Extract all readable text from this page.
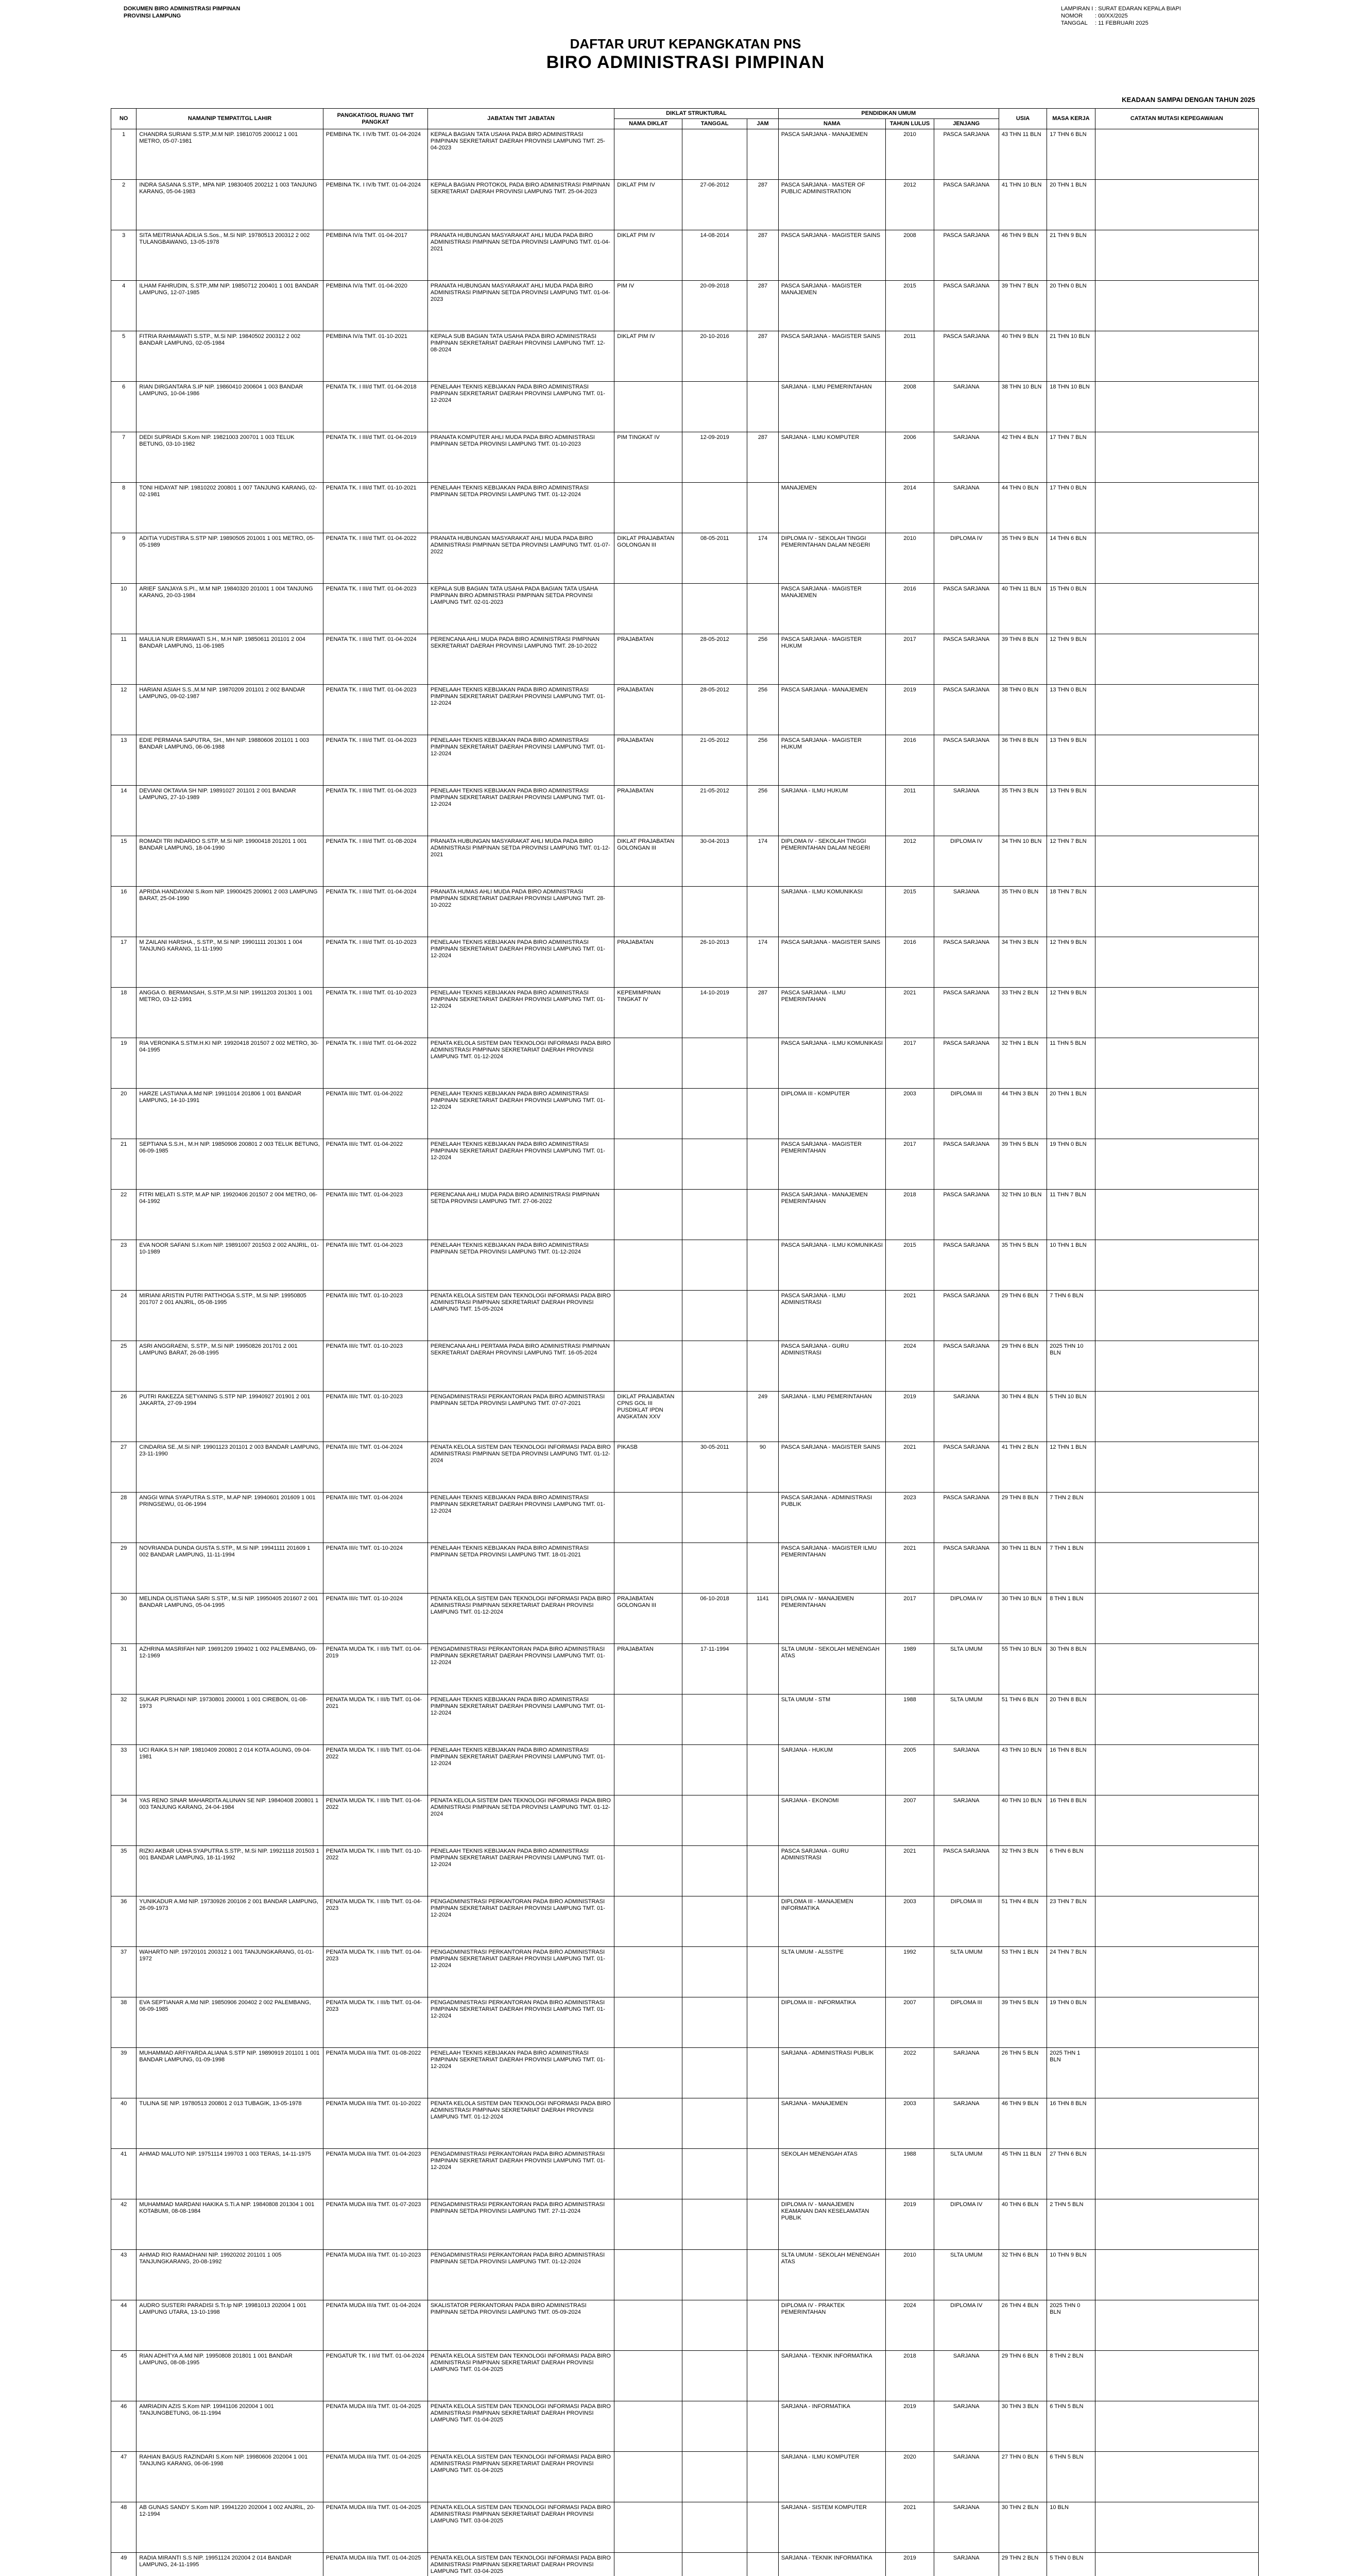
DOKUMEN BIRO ADMINISTRASI PIMPINAN
PROVINSI LAMPUNG
LAMPIRAN I : SURAT EDARAN KEPALA BIAPI
NOMOR : 00/XX/2025
TANGGAL : 11 FEBRUARI 2025
DAFTAR URUT KEPANGKATAN PNS
BIRO ADMINISTRASI PIMPINAN
KEADAAN SAMPAI DENGAN TAHUN 2025
NO	NAMA/NIP TEMPAT/TGL LAHIR	PANGKAT/GOL RUANG TMT PANGKAT	JABATAN TMT JABATAN	DIKLAT STRUKTURAL			PENDIDIKAN UMUM			USIA	MASA KERJA	CATATAN MUTASI KEPEGAWAIAN
				NAMA DIKLAT	TANGGAL	JAM	NAMA	TAHUN LULUS	JENJANG			
1	CHANDRA SURIANI S.STP.,M.M NIP. 19810705 200012 1 001 METRO, 05-07-1981	PEMBINA TK. I IV/b TMT. 01-04-2024	KEPALA BAGIAN TATA USAHA PADA BIRO ADMINISTRASI PIMPINAN SEKRETARIAT DAERAH PROVINSI LAMPUNG TMT. 25-04-2023				PASCA SARJANA - MANAJEMEN	2010	PASCA SARJANA	43 THN 11 BLN	17 THN 6 BLN	
2	INDRA SASANA S.STP., MPA NIP. 19830405 200212 1 003 TANJUNG KARANG, 05-04-1983	PEMBINA TK. I IV/b TMT. 01-04-2024	KEPALA BAGIAN PROTOKOL PADA BIRO ADMINISTRASI PIMPINAN SEKRETARIAT DAERAH PROVINSI LAMPUNG TMT. 25-04-2023	DIKLAT PIM IV	27-06-2012	287	PASCA SARJANA - MASTER OF PUBLIC ADMINISTRATION	2012	PASCA SARJANA	41 THN 10 BLN	20 THN 1 BLN	
3	SITA MEITRIANA ADILIA S.Sos., M.Si NIP. 19780513 200312 2 002 TULANGBAWANG, 13-05-1978	PEMBINA IV/a TMT. 01-04-2017	PRANATA HUBUNGAN MASYARAKAT AHLI MUDA PADA BIRO ADMINISTRASI PIMPINAN SETDA PROVINSI LAMPUNG TMT. 01-04-2021	DIKLAT PIM IV	14-08-2014	287	PASCA SARJANA - MAGISTER SAINS	2008	PASCA SARJANA	46 THN 9 BLN	21 THN 9 BLN	
4	ILHAM FAHRUDIN, S.STP.,MM NIP. 19850712 200401 1 001 BANDAR LAMPUNG, 12-07-1985	PEMBINA IV/a TMT. 01-04-2020	PRANATA HUBUNGAN MASYARAKAT AHLI MUDA PADA BIRO ADMINISTRASI PIMPINAN SETDA PROVINSI LAMPUNG TMT. 01-04-2023	PIM IV	20-09-2018	287	PASCA SARJANA - MAGISTER MANAJEMEN	2015	PASCA SARJANA	39 THN 7 BLN	20 THN 0 BLN	
5	FITRIA RAHMAWATI S.STP., M.Si NIP. 19840502 200312 2 002 BANDAR LAMPUNG, 02-05-1984	PEMBINA IV/a TMT. 01-10-2021	KEPALA SUB BAGIAN TATA USAHA PADA BIRO ADMINISTRASI PIMPINAN SEKRETARIAT DAERAH PROVINSI LAMPUNG TMT. 12-08-2024	DIKLAT PIM IV	20-10-2016	287	PASCA SARJANA - MAGISTER SAINS	2011	PASCA SARJANA	40 THN 9 BLN	21 THN 10 BLN	
6	RIAN DIRGANTARA S.IP NIP. 19860410 200604 1 003 BANDAR LAMPUNG, 10-04-1986	PENATA TK. I III/d TMT. 01-04-2018	PENELAAH TEKNIS KEBIJAKAN PADA BIRO ADMINISTRASI PIMPINAN SEKRETARIAT DAERAH PROVINSI LAMPUNG TMT. 01-12-2024				SARJANA - ILMU PEMERINTAHAN	2008	SARJANA	38 THN 10 BLN	18 THN 10 BLN	
7	DEDI SUPRIADI S.Kom NIP. 19821003 200701 1 003 TELUK BETUNG, 03-10-1982	PENATA TK. I III/d TMT. 01-04-2019	PRANATA KOMPUTER AHLI MUDA PADA BIRO ADMINISTRASI PIMPINAN SETDA PROVINSI LAMPUNG TMT. 01-10-2023	PIM TINGKAT IV	12-09-2019	287	SARJANA - ILMU KOMPUTER	2006	SARJANA	42 THN 4 BLN	17 THN 7 BLN	
8	TONI HIDAYAT NIP. 19810202 200801 1 007 TANJUNG KARANG, 02-02-1981	PENATA TK. I III/d TMT. 01-10-2021	PENELAAH TEKNIS KEBIJAKAN PADA BIRO ADMINISTRASI PIMPINAN SETDA PROVINSI LAMPUNG TMT. 01-12-2024				MANAJEMEN	2014	SARJANA	44 THN 0 BLN	17 THN 0 BLN	
9	ADITIA YUDISTIRA S.STP NIP. 19890505 201001 1 001 METRO, 05-05-1989	PENATA TK. I III/d TMT. 01-04-2022	PRANATA HUBUNGAN MASYARAKAT AHLI MUDA PADA BIRO ADMINISTRASI PIMPINAN SETDA PROVINSI LAMPUNG TMT. 01-07-2022	DIKLAT PRAJABATAN GOLONGAN III	08-05-2011	174	DIPLOMA IV - SEKOLAH TINGGI PEMERINTAHAN DALAM NEGERI	2010	DIPLOMA IV	35 THN 9 BLN	14 THN 6 BLN	
10	ARIEF SANJAYA S.PI., M.M NIP. 19840320 201001 1 004 TANJUNG KARANG, 20-03-1984	PENATA TK. I III/d TMT. 01-04-2023	KEPALA SUB BAGIAN TATA USAHA PADA BAGIAN TATA USAHA PIMPINAN BIRO ADMINISTRASI PIMPINAN SETDA PROVINSI LAMPUNG TMT. 02-01-2023				PASCA SARJANA - MAGISTER MANAJEMEN	2016	PASCA SARJANA	40 THN 11 BLN	15 THN 0 BLN	
11	MAULIA NUR ERMAWATI S.H., M.H NIP. 19850611 201101 2 004 BANDAR LAMPUNG, 11-06-1985	PENATA TK. I III/d TMT. 01-04-2024	PERENCANA AHLI MUDA PADA BIRO ADMINISTRASI PIMPINAN SEKRETARIAT DAERAH PROVINSI LAMPUNG TMT. 28-10-2022	PRAJABATAN	28-05-2012	256	PASCA SARJANA - MAGISTER HUKUM	2017	PASCA SARJANA	39 THN 8 BLN	12 THN 9 BLN	
12	HARIANI ASIAH S.S.,M.M NIP. 19870209 201101 2 002 BANDAR LAMPUNG, 09-02-1987	PENATA TK. I III/d TMT. 01-04-2023	PENELAAH TEKNIS KEBIJAKAN PADA BIRO ADMINISTRASI PIMPINAN SEKRETARIAT DAERAH PROVINSI LAMPUNG TMT. 01-12-2024	PRAJABATAN	28-05-2012	256	PASCA SARJANA - MANAJEMEN	2019	PASCA SARJANA	38 THN 0 BLN	13 THN 0 BLN	
13	EDIE PERMANA SAPUTRA, SH., MH NIP. 19880606 201101 1 003 BANDAR LAMPUNG, 06-06-1988	PENATA TK. I III/d TMT. 01-04-2023	PENELAAH TEKNIS KEBIJAKAN PADA BIRO ADMINISTRASI PIMPINAN SEKRETARIAT DAERAH PROVINSI LAMPUNG TMT. 01-12-2024	PRAJABATAN	21-05-2012	256	PASCA SARJANA - MAGISTER HUKUM	2016	PASCA SARJANA	36 THN 8 BLN	13 THN 9 BLN	
14	DEVIANI OKTAVIA SH NIP. 19891027 201101 2 001 BANDAR LAMPUNG, 27-10-1989	PENATA TK. I III/d TMT. 01-04-2023	PENELAAH TEKNIS KEBIJAKAN PADA BIRO ADMINISTRASI PIMPINAN SEKRETARIAT DAERAH PROVINSI LAMPUNG TMT. 01-12-2024	PRAJABATAN	21-05-2012	256	SARJANA - ILMU HUKUM	2011	SARJANA	35 THN 3 BLN	13 THN 9 BLN	
15	ROMADI TRI INDARDO S.STP, M.Si NIP. 19900418 201201 1 001 BANDAR LAMPUNG, 18-04-1990	PENATA TK. I III/d TMT. 01-08-2024	PRANATA HUBUNGAN MASYARAKAT AHLI MUDA PADA BIRO ADMINISTRASI PIMPINAN SETDA PROVINSI LAMPUNG TMT. 01-12-2021	DIKLAT PRAJABATAN GOLONGAN III	30-04-2013	174	DIPLOMA IV - SEKOLAH TINGGI PEMERINTAHAN DALAM NEGERI	2012	DIPLOMA IV	34 THN 10 BLN	12 THN 7 BLN	
16	APRIDA HANDAYANI S.Ikom NIP. 19900425 200901 2 003 LAMPUNG BARAT, 25-04-1990	PENATA TK. I III/d TMT. 01-04-2024	PRANATA HUMAS AHLI MUDA PADA BIRO ADMINISTRASI PIMPINAN SEKRETARIAT DAERAH PROVINSI LAMPUNG TMT. 28-10-2022				SARJANA - ILMU KOMUNIKASI	2015	SARJANA	35 THN 0 BLN	18 THN 7 BLN	
17	M ZAILANI HARSHA., S.STP., M.Si NIP. 19901111 201301 1 004 TANJUNG KARANG, 11-11-1990	PENATA TK. I III/d TMT. 01-10-2023	PENELAAH TEKNIS KEBIJAKAN PADA BIRO ADMINISTRASI PIMPINAN SEKRETARIAT DAERAH PROVINSI LAMPUNG TMT. 01-12-2024	PRAJABATAN	26-10-2013	174	PASCA SARJANA - MAGISTER SAINS	2016	PASCA SARJANA	34 THN 3 BLN	12 THN 9 BLN	
18	ANGGA O. BERMANSAH, S.STP.,M.SI NIP. 19911203 201301 1 001 METRO, 03-12-1991	PENATA TK. I III/d TMT. 01-10-2023	PENELAAH TEKNIS KEBIJAKAN PADA BIRO ADMINISTRASI PIMPINAN SEKRETARIAT DAERAH PROVINSI LAMPUNG TMT. 01-12-2024	KEPEMIMPINAN TINGKAT IV	14-10-2019	287	PASCA SARJANA - ILMU PEMERINTAHAN	2021	PASCA SARJANA	33 THN 2 BLN	12 THN 9 BLN	
19	RIA VERONIKA S.STM.H.KI NIP. 19920418 201507 2 002 METRO, 30-04-1995	PENATA TK. I III/d TMT. 01-04-2022	PENATA KELOLA SISTEM DAN TEKNOLOGI INFORMASI PADA BIRO ADMINISTRASI PIMPINAN SEKRETARIAT DAERAH PROVINSI LAMPUNG TMT. 01-12-2024				PASCA SARJANA - ILMU KOMUNIKASI	2017	PASCA SARJANA	32 THN 1 BLN	11 THN 5 BLN	
20	HARZE LASTIANA A.Md NIP. 19911014 201806 1 001 BANDAR LAMPUNG, 14-10-1991	PENATA III/c TMT. 01-04-2022	PENELAAH TEKNIS KEBIJAKAN PADA BIRO ADMINISTRASI PIMPINAN SEKRETARIAT DAERAH PROVINSI LAMPUNG TMT. 01-12-2024				DIPLOMA III - KOMPUTER	2003	DIPLOMA III	44 THN 3 BLN	20 THN 1 BLN	
21	SEPTIANA S.S.H., M.H NIP. 19850906 200801 2 003 TELUK BETUNG, 06-09-1985	PENATA III/c TMT. 01-04-2022	PENELAAH TEKNIS KEBIJAKAN PADA BIRO ADMINISTRASI PIMPINAN SEKRETARIAT DAERAH PROVINSI LAMPUNG TMT. 01-12-2024				PASCA SARJANA - MAGISTER PEMERINTAHAN	2017	PASCA SARJANA	39 THN 5 BLN	19 THN 0 BLN	
22	FITRI MELATI S.STP, M.AP NIP. 19920406 201507 2 004 METRO, 06-04-1992	PENATA III/c TMT. 01-04-2023	PERENCANA AHLI MUDA PADA BIRO ADMINISTRASI PIMPINAN SETDA PROVINSI LAMPUNG TMT. 27-06-2022				PASCA SARJANA - MANAJEMEN PEMERINTAHAN	2018	PASCA SARJANA	32 THN 10 BLN	11 THN 7 BLN	
23	EVA NOOR SAFANI S.I.Kom NIP. 19891007 201503 2 002 ANJRIL, 01-10-1989	PENATA III/c TMT. 01-04-2023	PENELAAH TEKNIS KEBIJAKAN PADA BIRO ADMINISTRASI PIMPINAN SETDA PROVINSI LAMPUNG TMT. 01-12-2024				PASCA SARJANA - ILMU KOMUNIKASI	2015	PASCA SARJANA	35 THN 5 BLN	10 THN 1 BLN	
24	MIRIANI ARISTIN PUTRI PATTHOGA S.STP., M.Si NIP. 19950805 201707 2 001 ANJRIL, 05-08-1995	PENATA III/c TMT. 01-10-2023	PENATA KELOLA SISTEM DAN TEKNOLOGI INFORMASI PADA BIRO ADMINISTRASI PIMPINAN SEKRETARIAT DAERAH PROVINSI LAMPUNG TMT. 15-05-2024				PASCA SARJANA - ILMU ADMINISTRASI	2021	PASCA SARJANA	29 THN 6 BLN	7 THN 6 BLN	
25	ASRI ANGGRAENI, S.STP., M.Si NIP. 19950826 201701 2 001 LAMPUNG BARAT, 26-08-1995	PENATA III/c TMT. 01-10-2023	PERENCANA AHLI PERTAMA PADA BIRO ADMINISTRASI PIMPINAN SEKRETARIAT DAERAH PROVINSI LAMPUNG TMT. 16-05-2024				PASCA SARJANA - GURU ADMINISTRASI	2024	PASCA SARJANA	29 THN 6 BLN	2025 THN 10 BLN	
26	PUTRI RAKEZZA SETYANING S.STP NIP. 19940927 201901 2 001 JAKARTA, 27-09-1994	PENATA III/c TMT. 01-10-2023	PENGADMINISTRASI PERKANTORAN PADA BIRO ADMINISTRASI PIMPINAN SETDA PROVINSI LAMPUNG TMT. 07-07-2021	DIKLAT PRAJABATAN CPNS GOL III PUSDIKLAT IPDN ANGKATAN XXV		249	SARJANA - ILMU PEMERINTAHAN	2019	SARJANA	30 THN 4 BLN	5 THN 10 BLN	
27	CINDARIA SE.,M.Si NIP. 19901123 201101 2 003 BANDAR LAMPUNG, 23-11-1990	PENATA III/c TMT. 01-04-2024	PENATA KELOLA SISTEM DAN TEKNOLOGI INFORMASI PADA BIRO ADMINISTRASI PIMPINAN SETDA PROVINSI LAMPUNG TMT. 01-12-2024	PIKASB	30-05-2011	90	PASCA SARJANA - MAGISTER SAINS	2021	PASCA SARJANA	41 THN 2 BLN	12 THN 1 BLN	
28	ANGGI WINA SYAPUTRA S.STP., M.AP NIP. 19940601 201609 1 001 PRINGSEWU, 01-06-1994	PENATA III/c TMT. 01-04-2024	PENELAAH TEKNIS KEBIJAKAN PADA BIRO ADMINISTRASI PIMPINAN SEKRETARIAT DAERAH PROVINSI LAMPUNG TMT. 01-12-2024				PASCA SARJANA - ADMINISTRASI PUBLIK	2023	PASCA SARJANA	29 THN 8 BLN	7 THN 2 BLN	
29	NOVRIANDA DUNDA GUSTA S.STP., M.Si NIP. 19941111 201609 1 002 BANDAR LAMPUNG, 11-11-1994	PENATA III/c TMT. 01-10-2024	PENELAAH TEKNIS KEBIJAKAN PADA BIRO ADMINISTRASI PIMPINAN SETDA PROVINSI LAMPUNG TMT. 18-01-2021				PASCA SARJANA - MAGISTER ILMU PEMERINTAHAN	2021	PASCA SARJANA	30 THN 11 BLN	7 THN 1 BLN	
30	MELINDA OLISTIANA SARI S.STP., M.Si NIP. 19950405 201607 2 001 BANDAR LAMPUNG, 05-04-1995	PENATA III/c TMT. 01-10-2024	PENATA KELOLA SISTEM DAN TEKNOLOGI INFORMASI PADA BIRO ADMINISTRASI PIMPINAN SEKRETARIAT DAERAH PROVINSI LAMPUNG TMT. 01-12-2024	PRAJABATAN GOLONGAN III	06-10-2018	1141	DIPLOMA IV - MANAJEMEN PEMERINTAHAN	2017	DIPLOMA IV	30 THN 10 BLN	8 THN 1 BLN	
31	AZHRINA MASRIFAH NIP. 19691209 199402 1 002 PALEMBANG, 09-12-1969	PENATA MUDA TK. I III/b TMT. 01-04-2019	PENGADMINISTRASI PERKANTORAN PADA BIRO ADMINISTRASI PIMPINAN SEKRETARIAT DAERAH PROVINSI LAMPUNG TMT. 01-12-2024	PRAJABATAN	17-11-1994		SLTA UMUM - SEKOLAH MENENGAH ATAS	1989	SLTA UMUM	55 THN 10 BLN	30 THN 8 BLN	
32	SUKAR PURNADI NIP. 19730801 200001 1 001 CIREBON, 01-08-1973	PENATA MUDA TK. I III/b TMT. 01-04-2021	PENELAAH TEKNIS KEBIJAKAN PADA BIRO ADMINISTRASI PIMPINAN SEKRETARIAT DAERAH PROVINSI LAMPUNG TMT. 01-12-2024				SLTA UMUM - STM	1988	SLTA UMUM	51 THN 6 BLN	20 THN 8 BLN	
33	UCI RAIKA S.H NIP. 19810409 200801 2 014 KOTA AGUNG, 09-04-1981	PENATA MUDA TK. I III/b TMT. 01-04-2022	PENELAAH TEKNIS KEBIJAKAN PADA BIRO ADMINISTRASI PIMPINAN SEKRETARIAT DAERAH PROVINSI LAMPUNG TMT. 01-12-2024				SARJANA - HUKUM	2005	SARJANA	43 THN 10 BLN	16 THN 8 BLN	
34	YAS RENO SINAR MAHARDITA ALUNAN SE NIP. 19840408 200801 1 003 TANJUNG KARANG, 24-04-1984	PENATA MUDA TK. I III/b TMT. 01-04-2022	PENATA KELOLA SISTEM DAN TEKNOLOGI INFORMASI PADA BIRO ADMINISTRASI PIMPINAN SETDA PROVINSI LAMPUNG TMT. 01-12-2024				SARJANA - EKONOMI	2007	SARJANA	40 THN 10 BLN	16 THN 8 BLN	
35	RIZKI AKBAR UDHA SYAPUTRA S.STP., M.Si NIP. 19921118 201503 1 001 BANDAR LAMPUNG, 18-11-1992	PENATA MUDA TK. I III/b TMT. 01-10-2022	PENELAAH TEKNIS KEBIJAKAN PADA BIRO ADMINISTRASI PIMPINAN SEKRETARIAT DAERAH PROVINSI LAMPUNG TMT. 01-12-2024				PASCA SARJANA - GURU ADMINISTRASI	2021	PASCA SARJANA	32 THN 3 BLN	6 THN 6 BLN	
36	YUNIKADUR A.Md NIP. 19730926 200106 2 001 BANDAR LAMPUNG, 26-09-1973	PENATA MUDA TK. I III/b TMT. 01-04-2023	PENGADMINISTRASI PERKANTORAN PADA BIRO ADMINISTRASI PIMPINAN SEKRETARIAT DAERAH PROVINSI LAMPUNG TMT. 01-12-2024				DIPLOMA III - MANAJEMEN INFORMATIKA	2003	DIPLOMA III	51 THN 4 BLN	23 THN 7 BLN	
37	WAHARTO NIP. 19720101 200312 1 001 TANJUNGKARANG, 01-01-1972	PENATA MUDA TK. I III/b TMT. 01-04-2023	PENGADMINISTRASI PERKANTORAN PADA BIRO ADMINISTRASI PIMPINAN SEKRETARIAT DAERAH PROVINSI LAMPUNG TMT. 01-12-2024				SLTA UMUM - ALSSTPE	1992	SLTA UMUM	53 THN 1 BLN	24 THN 7 BLN	
38	EVA SEPTIANAR A.Md NIP. 19850906 200402 2 002 PALEMBANG, 06-09-1985	PENATA MUDA TK. I III/b TMT. 01-04-2023	PENGADMINISTRASI PERKANTORAN PADA BIRO ADMINISTRASI PIMPINAN SEKRETARIAT DAERAH PROVINSI LAMPUNG TMT. 01-12-2024				DIPLOMA III - INFORMATIKA	2007	DIPLOMA III	39 THN 5 BLN	19 THN 0 BLN	
39	MUHAMMAD ARFIYARDA ALIANA S.STP NIP. 19890919 201101 1 001 BANDAR LAMPUNG, 01-09-1998	PENATA MUDA III/a TMT. 01-08-2022	PENELAAH TEKNIS KEBIJAKAN PADA BIRO ADMINISTRASI PIMPINAN SEKRETARIAT DAERAH PROVINSI LAMPUNG TMT. 01-12-2024				SARJANA - ADMINISTRASI PUBLIK	2022	SARJANA	26 THN 5 BLN	2025 THN 1 BLN	
40	TULINA SE NIP. 19780513 200801 2 013 TUBAGIK, 13-05-1978	PENATA MUDA III/a TMT. 01-10-2022	PENATA KELOLA SISTEM DAN TEKNOLOGI INFORMASI PADA BIRO ADMINISTRASI PIMPINAN SEKRETARIAT DAERAH PROVINSI LAMPUNG TMT. 01-12-2024				SARJANA - MANAJEMEN	2003	SARJANA	46 THN 9 BLN	16 THN 8 BLN	
41	AHMAD MALUTO NIP. 19751114 199703 1 003 TERAS, 14-11-1975	PENATA MUDA III/a TMT. 01-04-2023	PENGADMINISTRASI PERKANTORAN PADA BIRO ADMINISTRASI PIMPINAN SEKRETARIAT DAERAH PROVINSI LAMPUNG TMT. 01-12-2024				SEKOLAH MENENGAH ATAS	1988	SLTA UMUM	45 THN 11 BLN	27 THN 6 BLN	
42	MUHAMMAD MARDANI HAKIKA S.Ti.A NIP. 19840808 201304 1 001 KOTABUMI, 08-08-1984	PENATA MUDA III/a TMT. 01-07-2023	PENGADMINISTRASI PERKANTORAN PADA BIRO ADMINISTRASI PIMPINAN SETDA PROVINSI LAMPUNG TMT. 27-11-2024				DIPLOMA IV - MANAJEMEN KEAMANAN DAN KESELAMATAN PUBLIK	2019	DIPLOMA IV	40 THN 6 BLN	2 THN 5 BLN	
43	AHMAD RIO RAMADHANI NIP. 19920202 201101 1 005 TANJUNGKARANG, 20-08-1992	PENATA MUDA III/a TMT. 01-10-2023	PENGADMINISTRASI PERKANTORAN PADA BIRO ADMINISTRASI PIMPINAN SETDA PROVINSI LAMPUNG TMT. 01-12-2024				SLTA UMUM - SEKOLAH MENENGAH ATAS	2010	SLTA UMUM	32 THN 6 BLN	10 THN 9 BLN	
44	AUDRO SUSTERI PARADISI S.Tr.Ip NIP. 19981013 202004 1 001 LAMPUNG UTARA, 13-10-1998	PENATA MUDA III/a TMT. 01-04-2024	SKALISTATOR PERKANTORAN PADA BIRO ADMINISTRASI PIMPINAN SETDA PROVINSI LAMPUNG TMT. 05-09-2024				DIPLOMA IV - PRAKTEK PEMERINTAHAN	2024	DIPLOMA IV	26 THN 4 BLN	2025 THN 0 BLN	
45	RIAN ADHITYA A.Md NIP. 19950808 201801 1 001 BANDAR LAMPUNG, 08-08-1995	PENGATUR TK. I II/d TMT. 01-04-2024	PENATA KELOLA SISTEM DAN TEKNOLOGI INFORMASI PADA BIRO ADMINISTRASI PIMPINAN SEKRETARIAT DAERAH PROVINSI LAMPUNG TMT. 01-04-2025				SARJANA - TEKNIK INFORMATIKA	2018	SARJANA	29 THN 6 BLN	8 THN 2 BLN	
46	AMRIADIN AZIS S.Kom NIP. 19941106 202004 1 001 TANJUNGBETUNG, 06-11-1994	PENATA MUDA III/a TMT. 01-04-2025	PENATA KELOLA SISTEM DAN TEKNOLOGI INFORMASI PADA BIRO ADMINISTRASI PIMPINAN SEKRETARIAT DAERAH PROVINSI LAMPUNG TMT. 01-04-2025				SARJANA - INFORMATIKA	2019	SARJANA	30 THN 3 BLN	6 THN 5 BLN	
47	RAHIAN BAGUS RAZINDARI S.Kom NIP. 19980606 202004 1 001 TANJUNG KARANG, 06-06-1998	PENATA MUDA III/a TMT. 01-04-2025	PENATA KELOLA SISTEM DAN TEKNOLOGI INFORMASI PADA BIRO ADMINISTRASI PIMPINAN SEKRETARIAT DAERAH PROVINSI LAMPUNG TMT. 01-04-2025				SARJANA - ILMU KOMPUTER	2020	SARJANA	27 THN 0 BLN	6 THN 5 BLN	
48	AB GUNAS SANDY S.Kom NIP. 19941220 202004 1 002 ANJRIL, 20-12-1994	PENATA MUDA III/a TMT. 01-04-2025	PENATA KELOLA SISTEM DAN TEKNOLOGI INFORMASI PADA BIRO ADMINISTRASI PIMPINAN SEKRETARIAT DAERAH PROVINSI LAMPUNG TMT. 03-04-2025				SARJANA - SISTEM KOMPUTER	2021	SARJANA	30 THN 2 BLN	10 BLN	
49	RADIA MIRANTI S.S NIP. 19951124 202004 2 014 BANDAR LAMPUNG, 24-11-1995	PENATA MUDA III/a TMT. 01-04-2025	PENATA KELOLA SISTEM DAN TEKNOLOGI INFORMASI PADA BIRO ADMINISTRASI PIMPINAN SEKRETARIAT DAERAH PROVINSI LAMPUNG TMT. 03-04-2025				SARJANA - TEKNIK INFORMATIKA	2019	SARJANA	29 THN 2 BLN	5 THN 0 BLN	
